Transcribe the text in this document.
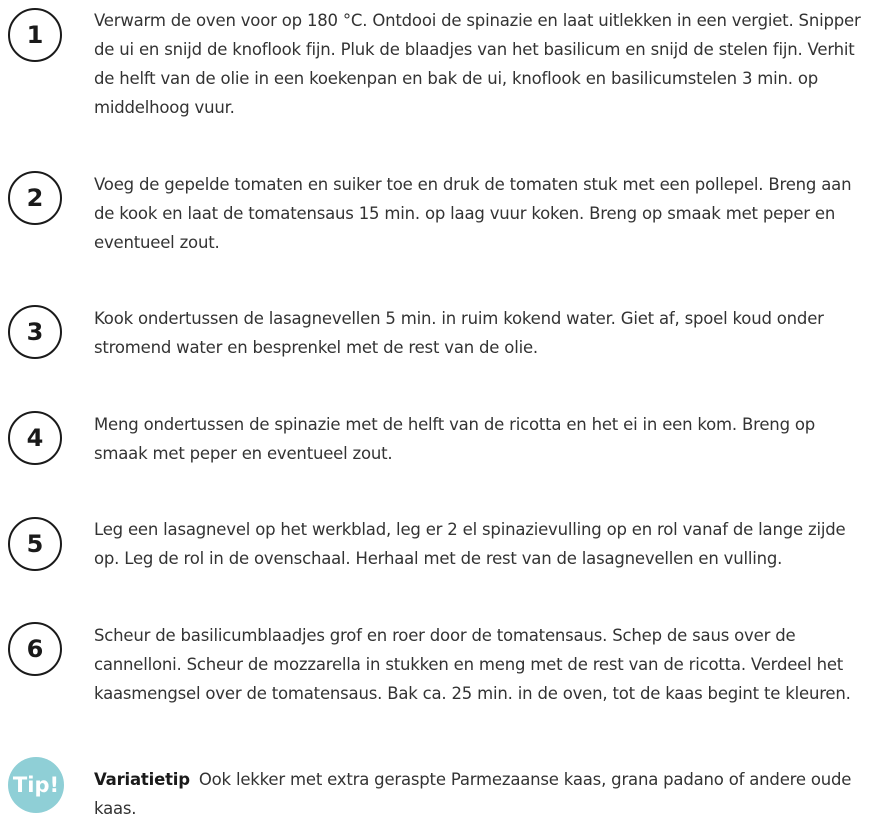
1

Verwarm de oven voor op 180 °C. Ontdooi de spinazie en laat uitlekken in een vergiet. Snipper de ui en snijd de knoflook fijn. Pluk de blaadjes van het basilicum en snijd de stelen fijn. Verhit de helft van de olie in een koekenpan en bak de ui, knoflook en basilicumstelen 3 min. op middelhoog vuur.

2	Voeg de gepelde tomaten en suiker toe en druk de tomaten stuk met een pollepel. Breng aan de kook en laat de tomatensaus 15 min. op laag vuur koken. Breng op smaak met peper en eventueel zout.

3	Kook ondertussen de lasagnevellen 5 min. in ruim kokend water. Giet af, spoel koud onder stromend water en besprenkel met de rest van de olie.

4	Meng ondertussen de spinazie met de helft van de ricotta en het ei in een kom. Breng op smaak met peper en eventueel zout.

5

Leg een lasagnevel op het werkblad, leg er 2 el spinazievulling op en rol vanaf de lange zijde op. Leg de rol in de ovenschaal. Herhaal met de rest van de lasagnevellen en vulling.

6	Scheur de basilicumblaadjes grof en roer door de tomatensaus. Schep de saus over de cannelloni. Scheur de mozzarella in stukken en meng met de rest van de ricotta. Verdeel het kaasmengsel over de tomatensaus. Bak ca. 25 min. in de oven, tot de kaas begint te kleuren.

Tip! Variatietip Ook lekker met extra geraspte Parmezaanse kaas, grana padano of andere oude kaas.
